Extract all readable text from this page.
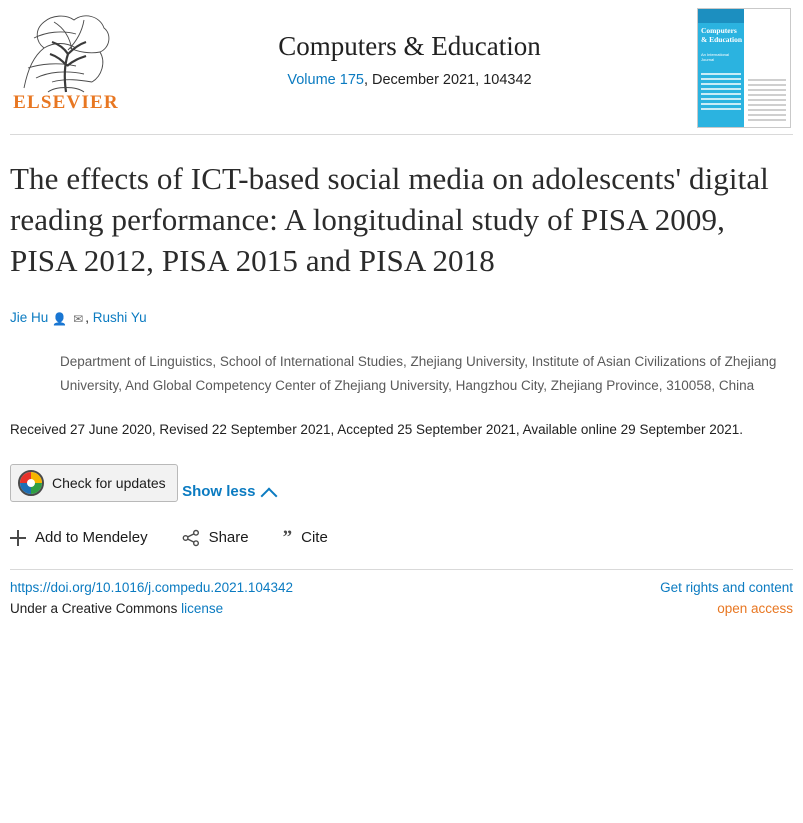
ELSEVIER
Computers & Education
Volume 175, December 2021, 104342
Computers & Education
An International Journal
The effects of ICT-based social media on adolescents' digital reading performance: A longitudinal study of PISA 2009, PISA 2012, PISA 2015 and PISA 2018
Jie Hu 👤 ✉ , Rushi Yu
Department of Linguistics, School of International Studies, Zhejiang University, Institute of Asian Civilizations of Zhejiang University, And Global Competency Center of Zhejiang University, Hangzhou City, Zhejiang Province, 310058, China
Received 27 June 2020, Revised 22 September 2021, Accepted 25 September 2021, Available online 29 September 2021.
Check for updates
Show less
Add to Mendeley	Share ” Cite
https://doi.org/10.1016/j.compedu.2021.104342	Get rights and content
Under a Creative Commons license	open access
